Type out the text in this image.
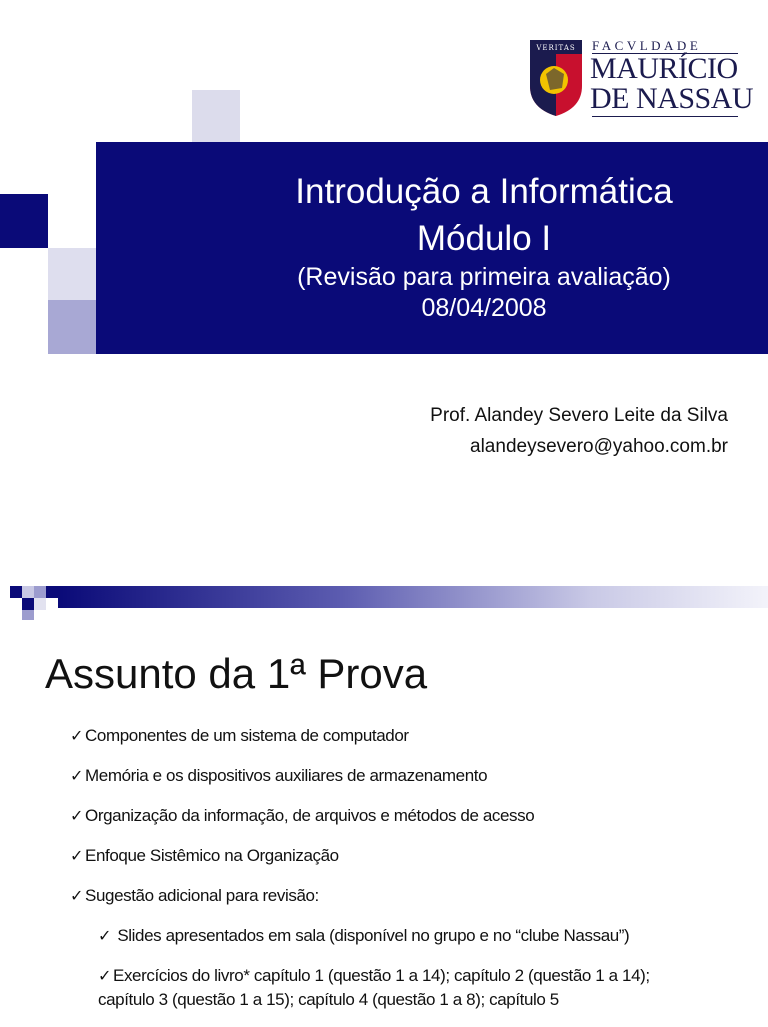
Introdução a Informática
Módulo I
(Revisão para primeira avaliação)
08/04/2008
VERITAS FACVLDADE
MAURÍCIO
DE NASSAU
Prof. Alandey Severo Leite da Silva
alandeysevero@yahoo.com.br
Assunto da 1ª Prova
✓ Componentes de um sistema de computador
✓ Memória e os dispositivos auxiliares de armazenamento
✓ Organização da informação, de arquivos e métodos de acesso
✓ Enfoque Sistêmico na Organização
✓ Sugestão adicional para revisão:
✓ Slides apresentados em sala (disponível no grupo e no “clube Nassau”)
✓ Exercícios do livro* capítulo 1 (questão 1 a 14); capítulo 2 (questão 1 a 14); capítulo 3 (questão 1 a 15); capítulo 4 (questão 1 a 8); capítulo 5
